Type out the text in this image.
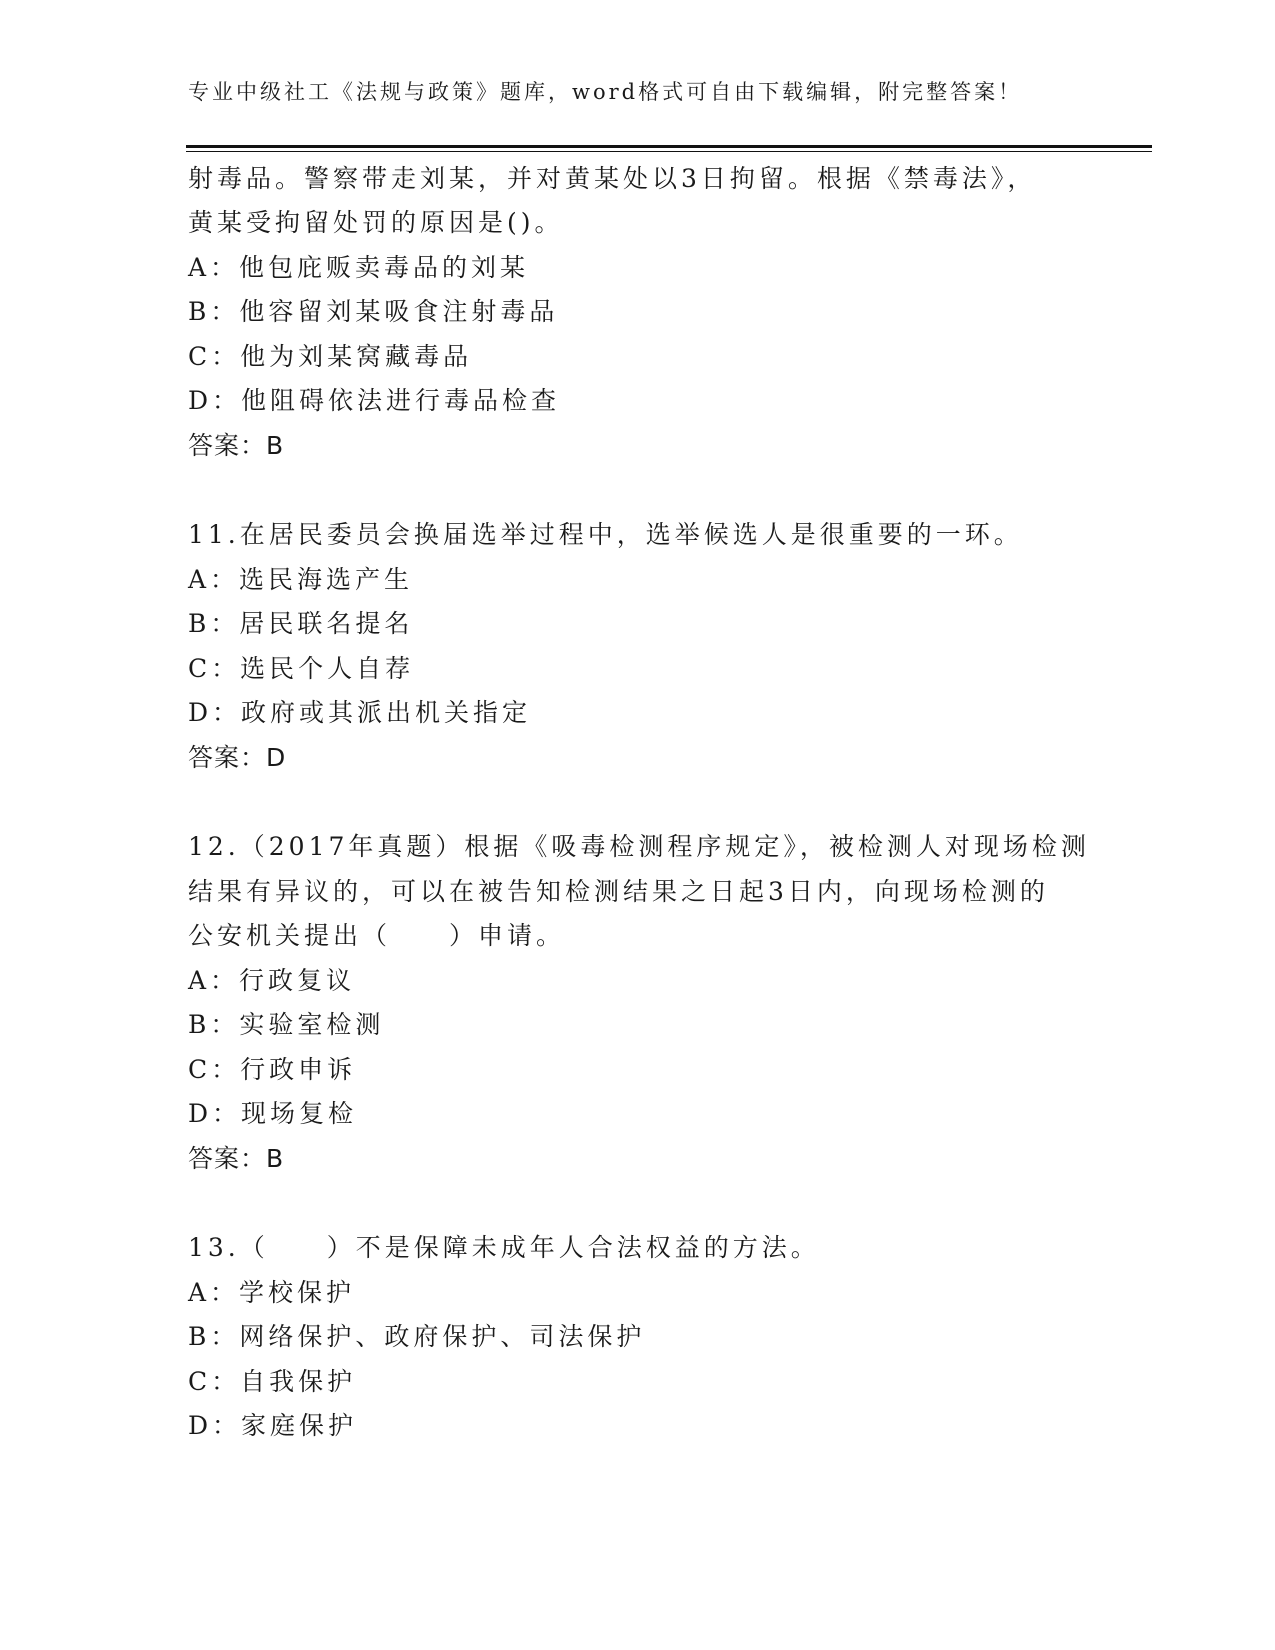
专业中级社工《法规与政策》题库，word格式可自由下载编辑，附完整答案！
射毒品。警察带走刘某，并对黄某处以3日拘留。根据《禁毒法》，
黄某受拘留处罚的原因是()。
A：他包庇贩卖毒品的刘某
B：他容留刘某吸食注射毒品
C：他为刘某窝藏毒品
D：他阻碍依法进行毒品检查
答案：B
11.在居民委员会换届选举过程中，选举候选人是很重要的一环。
A：选民海选产生
B：居民联名提名
C：选民个人自荐
D：政府或其派出机关指定
答案：D
12.（2017年真题）根据《吸毒检测程序规定》，被检测人对现场检测
结果有异议的，可以在被告知检测结果之日起3日内，向现场检测的
公安机关提出（　　）申请。
A：行政复议
B：实验室检测
C：行政申诉
D：现场复检
答案：B
13.（　　）不是保障未成年人合法权益的方法。
A：学校保护
B：网络保护、政府保护、司法保护
C：自我保护
D：家庭保护
